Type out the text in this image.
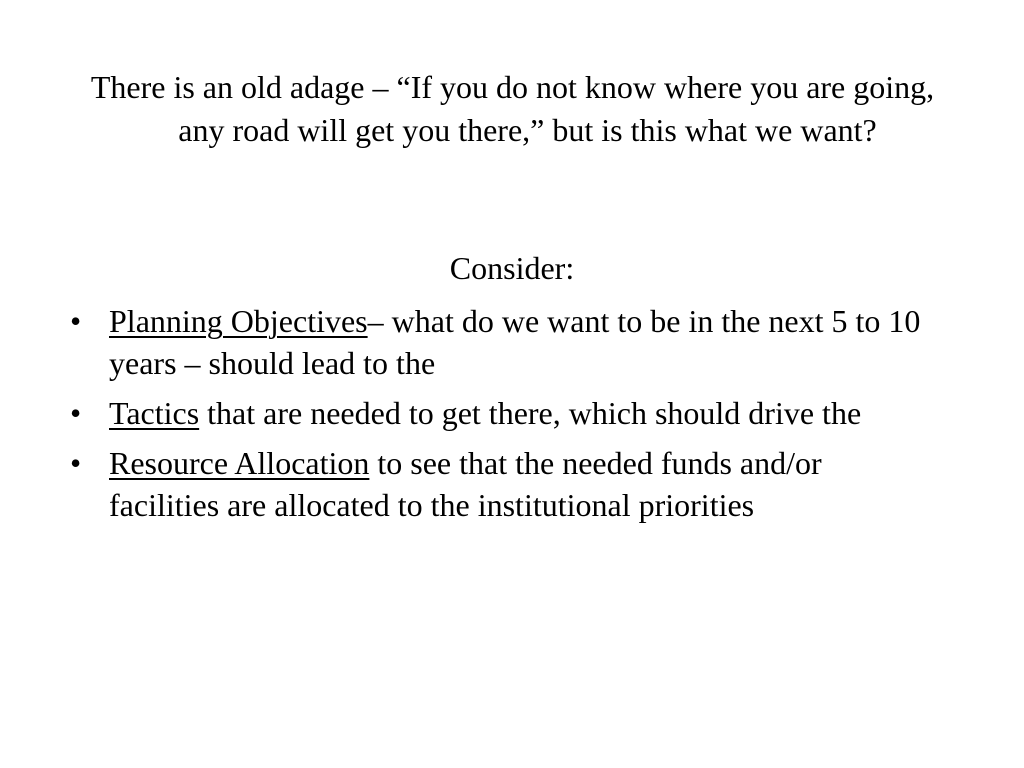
There is an old adage – “If you do not know where you are going, any road will get you there,” but is this what we want?
Consider:
• Planning Objectives– what do we want to be in the next 5 to 10 years – should lead to the
• Tactics that are needed to get there, which should drive the
• Resource Allocation to see that the needed funds and/or facilities are allocated to the institutional priorities
